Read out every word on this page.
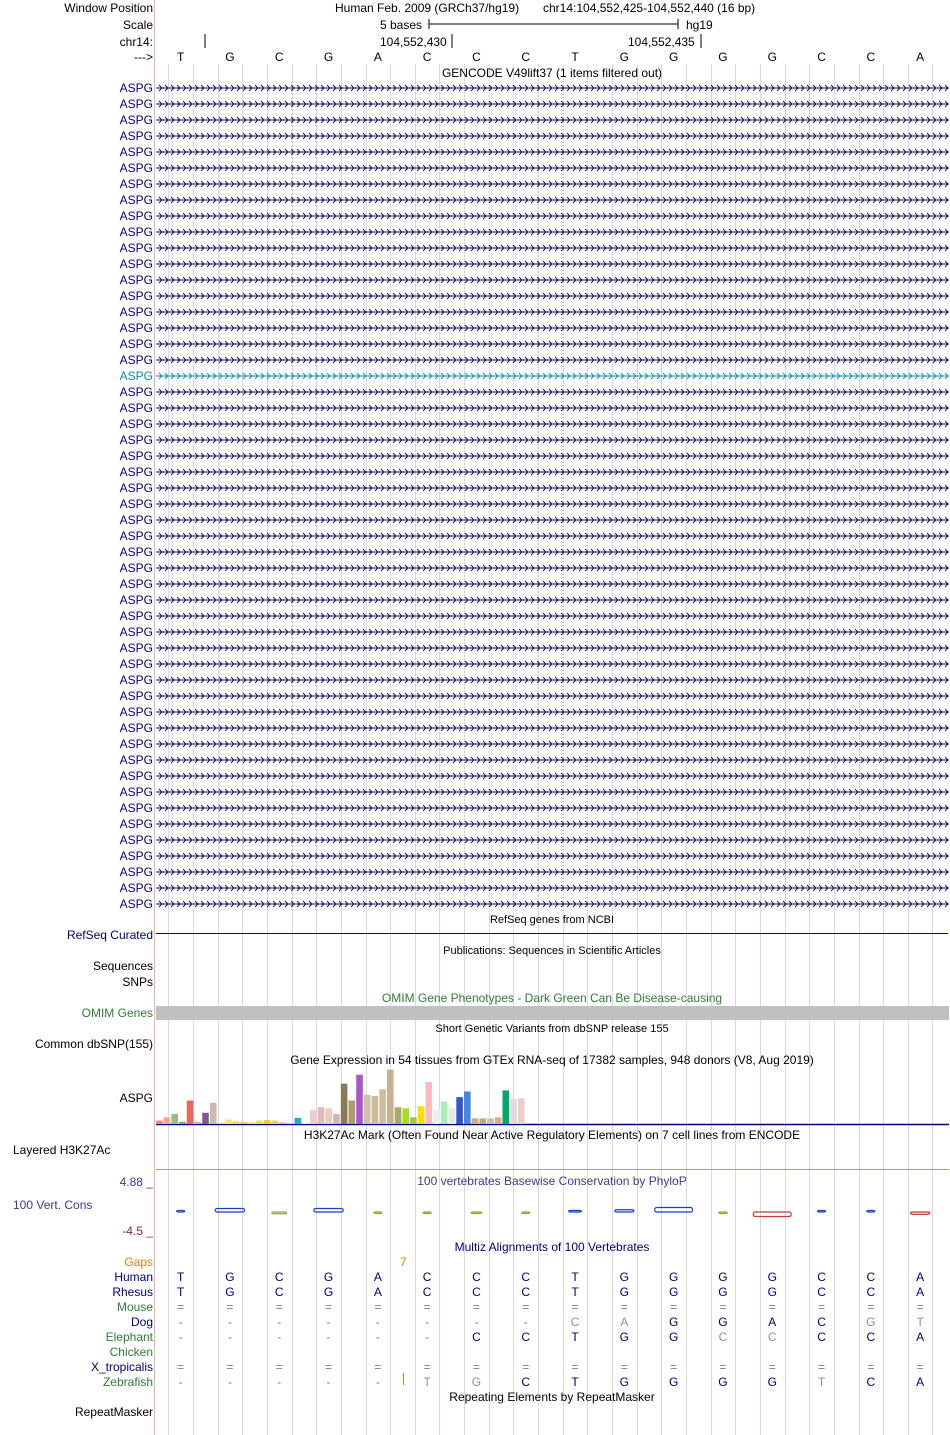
Window Position	Human Feb. 2009 (GRCh37/hg19) chr14:104,552,425-104,552,440 (16 bp)
Scale	5 bases	hg19
chr14:	104,552,430	104,552,435
---> T	G	C	G	A	C	C	C	T	G	G	G	G	C	C	A
GENCODE V49lift37 (1 items filtered out)
ASPG
ASPG
ASPG
ASPG
ASPG
ASPG
ASPG
ASPG
ASPG
ASPG
ASPG
ASPG
ASPG
ASPG
ASPG
ASPG
ASPG
ASPG
ASPG
ASPG
ASPG
ASPG
ASPG
ASPG
ASPG
ASPG
ASPG
ASPG
ASPG
ASPG
ASPG
ASPG
ASPG
ASPG
ASPG
ASPG
ASPG
ASPG
ASPG
ASPG
ASPG
ASPG
ASPG
ASPG
ASPG
ASPG
ASPG
ASPG
ASPG
ASPG
ASPG
ASPG
RefSeq genes from NCBI
RefSeq Curated
Publications: Sequences in Scientific Articles
Sequences
SNPs
OMIM Gene Phenotypes - Dark Green Can Be Disease-causing
OMIM Genes
Short Genetic Variants from dbSNP release 155
Common dbSNP(155)
Gene Expression in 54 tissues from GTEx RNA-seq of 17382 samples, 948 donors (V8, Aug 2019)
ASPG
H3K27Ac Mark (Often Found Near Active Regulatory Elements) on 7 cell lines from ENCODE
Layered H3K27Ac
100 vertebrates Basewise Conservation by PhyloP
4.88 _
100 Vert. Cons
-4.5 _
Multiz Alignments of 100 Vertebrates
Gaps	7
Human T	G	C	G	A	C	C	C	T	G	G	G	G	C	C	A
Rhesus T	G	C	G	A	C	C	C	T	G	G	G	G	C	C	A
Mouse =	=	=	=	=	=	=	=	=	=	=	=	=	=	=	=
Dog -	-	-	-	-	-	-	-	C	A	G	G	A	C	G	T
Elephant -	-	-	-	-	-	C	C	T	G	G	C	C	C	C	A
Chicken
X_tropicalis =	=	=	=	=	=	=	=	=	=	=	=	=	=	=	=
Zebrafish -	-	-	-	-	T	G	C	T	G	G	G	G	T	C	A
Repeating Elements by RepeatMasker
RepeatMasker
